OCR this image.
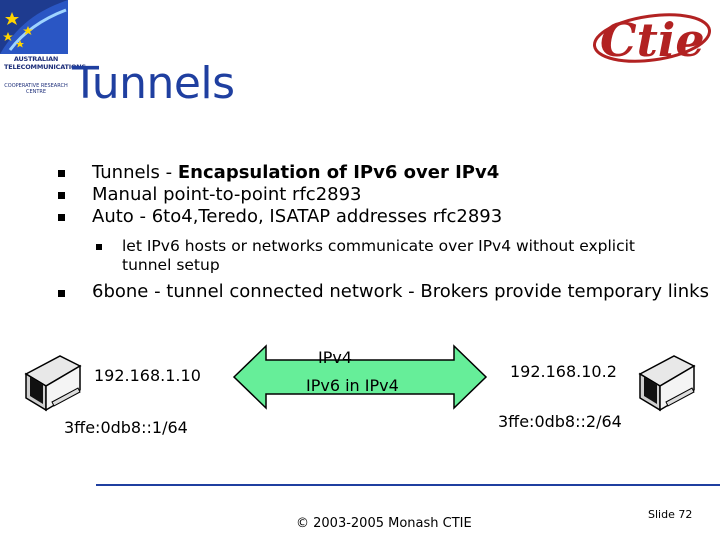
AUSTRALIAN TELECOMMUNICATIONS
COOPERATIVE RESEARCH CENTRE
Ctie
Tunnels
Tunnels - Encapsulation of IPv6 over IPv4
Manual point-to-point rfc2893
Auto - 6to4,Teredo, ISATAP addresses rfc2893
let IPv6 hosts or networks communicate over IPv4 without explicit tunnel setup
6bone - tunnel connected network - Brokers provide temporary links
IPv4
IPv6 in IPv4
192.168.1.10	192.168.10.2
3ffe:0db8::1/64	3ffe:0db8::2/64
© 2003-2005 Monash CTIE
Slide 72
